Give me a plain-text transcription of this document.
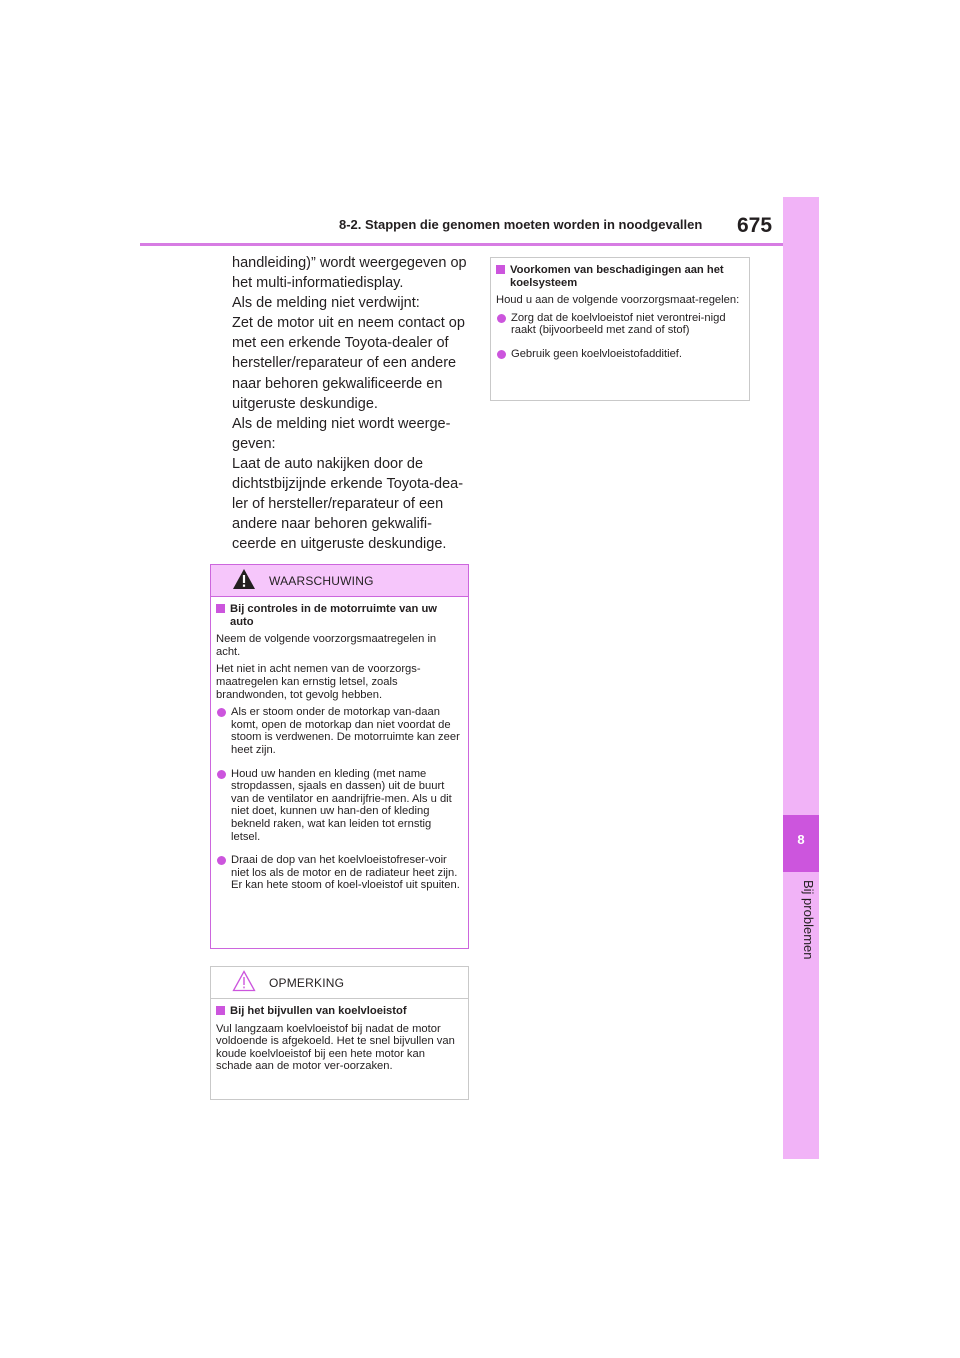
8-2. Stappen die genomen moeten worden in noodgevallen 675
8
Bij problemen

handleiding)” wordt weergegeven op het multi-informatiedisplay.

Als de melding niet verdwijnt:

Zet de motor uit en neem contact op met een erkende Toyota-dealer of hersteller/reparateur of een andere naar behoren gekwalificeerde en uitgeruste deskundige.

Als de melding niet wordt weerge-geven:

Laat de auto nakijken door de dichtstbijzijnde erkende Toyota-dea-ler of hersteller/reparateur of een andere naar behoren gekwalifi-ceerde en uitgeruste deskundige.

WAARSCHUWING
Bij controles in de motorruimte van uw auto

Neem de volgende voorzorgsmaatregelen in acht.

Het niet in acht nemen van de voorzorgs-maatregelen kan ernstig letsel, zoals brandwonden, tot gevolg hebben.

Als er stoom onder de motorkap van-daan komt, open de motorkap dan niet voordat de stoom is verdwenen. De motorruimte kan zeer heet zijn.
Houd uw handen en kleding (met name stropdassen, sjaals en dassen) uit de buurt van de ventilator en aandrijfrie-men. Als u dit niet doet, kunnen uw han-den of kleding bekneld raken, wat kan leiden tot ernstig letsel.
Draai de dop van het koelvloeistofreser-voir niet los als de motor en de radiateur heet zijn. Er kan hete stoom of koel-vloeistof uit spuiten.
OPMERKING
Bij het bijvullen van koelvloeistof

Vul langzaam koelvloeistof bij nadat de motor voldoende is afgekoeld. Het te snel bijvullen van koude koelvloeistof bij een hete motor kan schade aan de motor ver-oorzaken.

Voorkomen van beschadigingen aan het koelsysteem

Houd u aan de volgende voorzorgsmaat-regelen:

Zorg dat de koelvloeistof niet verontrei-nigd raakt (bijvoorbeeld met zand of stof)
Gebruik geen koelvloeistofadditief.
